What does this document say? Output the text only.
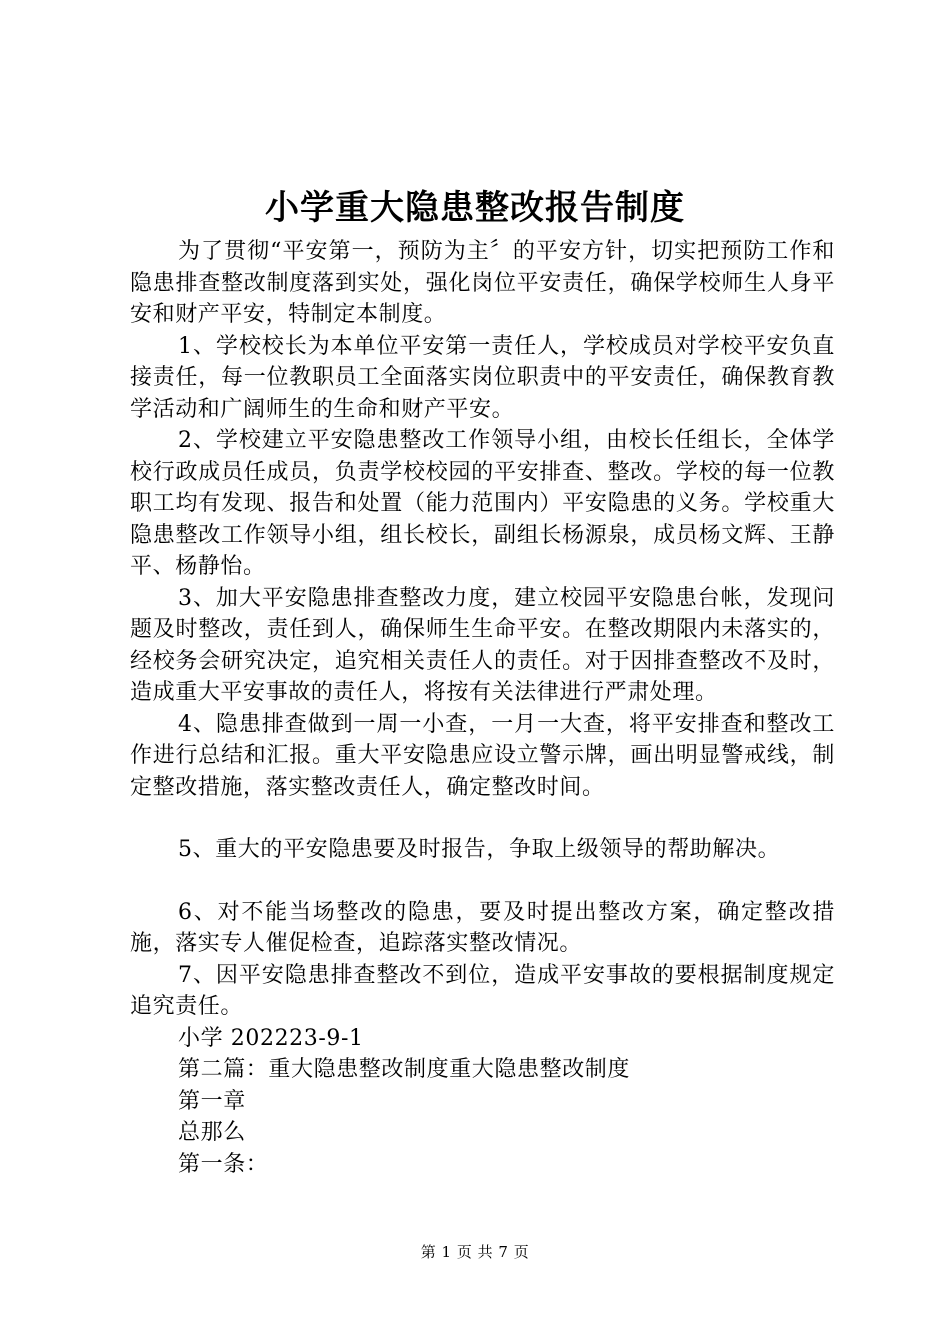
小学重大隐患整改报告制度

为了贯彻“平安第一，预防为主〞的平安方针，切实把预防工作和隐患排查整改制度落到实处，强化岗位平安责任，确保学校师生人身平安和财产平安，特制定本制度。

1、学校校长为本单位平安第一责任人，学校成员对学校平安负直接责任，每一位教职员工全面落实岗位职责中的平安责任，确保教育教学活动和广阔师生的生命和财产平安。

2、学校建立平安隐患整改工作领导小组，由校长任组长，全体学校行政成员任成员，负责学校校园的平安排查、整改。学校的每一位教职工均有发现、报告和处置（能力范围内）平安隐患的义务。学校重大隐患整改工作领导小组，组长校长，副组长杨源泉，成员杨文辉、王静平、杨静怡。

3、加大平安隐患排查整改力度，建立校园平安隐患台帐，发现问题及时整改，责任到人，确保师生生命平安。在整改期限内未落实的，经校务会研究决定，追究相关责任人的责任。对于因排查整改不及时，造成重大平安事故的责任人，将按有关法律进行严肃处理。

4、隐患排查做到一周一小查，一月一大查，将平安排查和整改工作进行总结和汇报。重大平安隐患应设立警示牌，画出明显警戒线，制定整改措施，落实整改责任人，确定整改时间。

5、重大的平安隐患要及时报告，争取上级领导的帮助解决。

6、对不能当场整改的隐患，要及时提出整改方案，确定整改措施，落实专人催促检查，追踪落实整改情况。

7、因平安隐患排查整改不到位，造成平安事故的要根据制度规定追究责任。

小学 202223-9-1

第二篇：重大隐患整改制度重大隐患整改制度

第一章

总那么

第一条：

第 1 页 共 7 页
